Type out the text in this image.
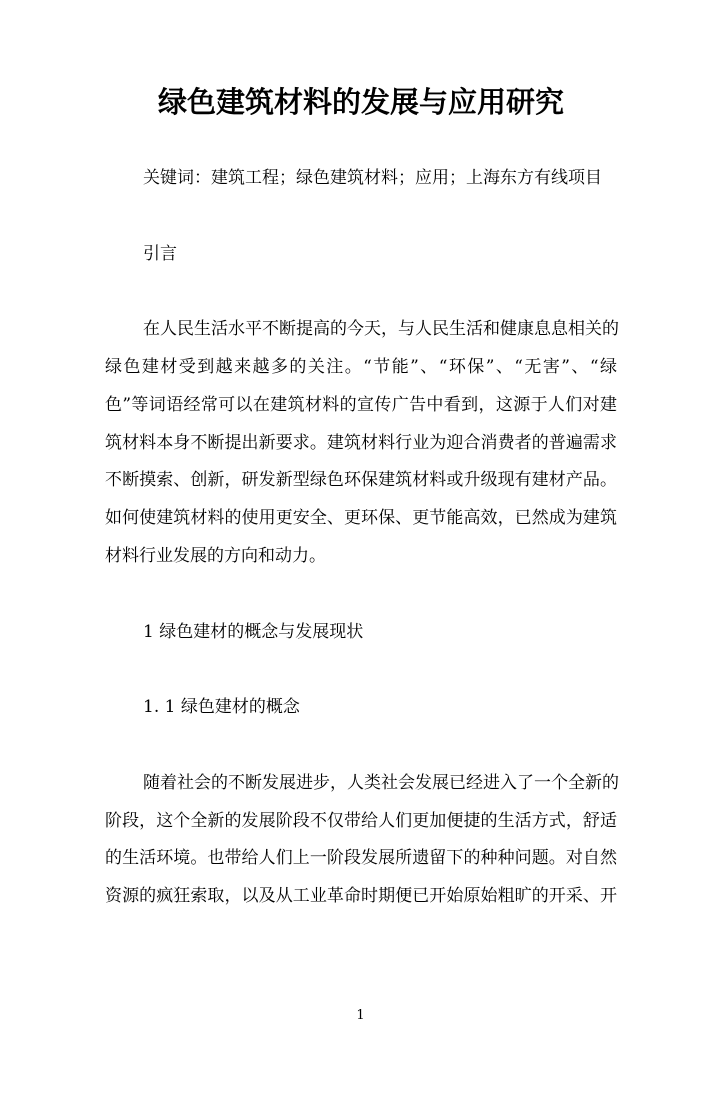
绿色建筑材料的发展与应用研究
关键词：建筑工程；绿色建筑材料；应用；上海东方有线项目
引言
在人民生活水平不断提高的今天，与人民生活和健康息息相关的
绿色建材受到越来越多的关注。“节能”、“环保”、“无害”、“绿
色”等词语经常可以在建筑材料的宣传广告中看到，这源于人们对建
筑材料本身不断提出新要求。建筑材料行业为迎合消费者的普遍需求
不断摸索、创新，研发新型绿色环保建筑材料或升级现有建材产品。
如何使建筑材料的使用更安全、更环保、更节能高效，已然成为建筑
材料行业发展的方向和动力。
1 绿色建材的概念与发展现状
1. 1 绿色建材的概念
随着社会的不断发展进步，人类社会发展已经进入了一个全新的
阶段，这个全新的发展阶段不仅带给人们更加便捷的生活方式，舒适
的生活环境。也带给人们上一阶段发展所遗留下的种种问题。对自然
资源的疯狂索取，以及从工业革命时期便已开始原始粗旷的开采、开
1
